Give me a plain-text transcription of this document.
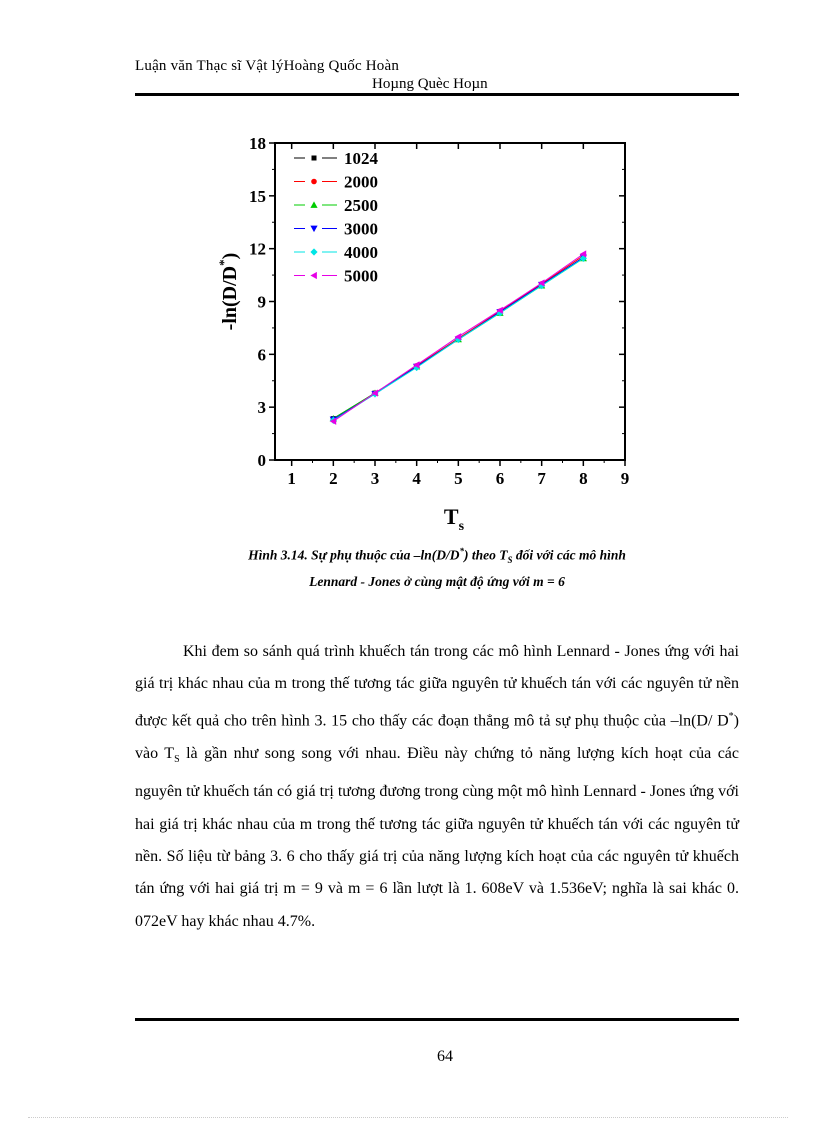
Luận văn Thạc sĩ Vật lýHoàng Quốc Hoàn
Hoµng Quèc Hoµn
0
3
6
9
12
15
18
1 2 3 4 5 6 7 8 9
1024
2000
2500
3000
4000
5000
$T_s$
-ln(D/D*)
Hình 3.14. Sự phụ thuộc của –ln(D/D*) theo $T_S$ đối với các mô hình
Lennard - Jones ở cùng mật độ ứng với m = 6

Khi đem so sánh quá trình khuếch tán trong các mô hình Lennard - Jones ứng với hai giá trị khác nhau của m trong thế tương tác giữa nguyên tử khuếch tán với các nguyên tử nền được kết quả cho trên hình 3. 15 cho thấy các đoạn thẳng mô tả sự phụ thuộc của –ln(D/ D*) vào $T_S$ là gần như song song với nhau. Điều này chứng tỏ năng lượng kích hoạt của các nguyên tử khuếch tán có giá trị tương đương trong cùng một mô hình Lennard - Jones ứng với hai giá trị khác nhau của m trong thế tương tác giữa nguyên tử khuếch tán với các nguyên tử nền. Số liệu từ bảng 3. 6 cho thấy giá trị của năng lượng kích hoạt của các nguyên tử khuếch tán ứng với hai giá trị m = 9 và m = 6 lần lượt là 1. 608eV và 1.536eV; nghĩa là sai khác 0. 072eV hay khác nhau 4.7%.

64
